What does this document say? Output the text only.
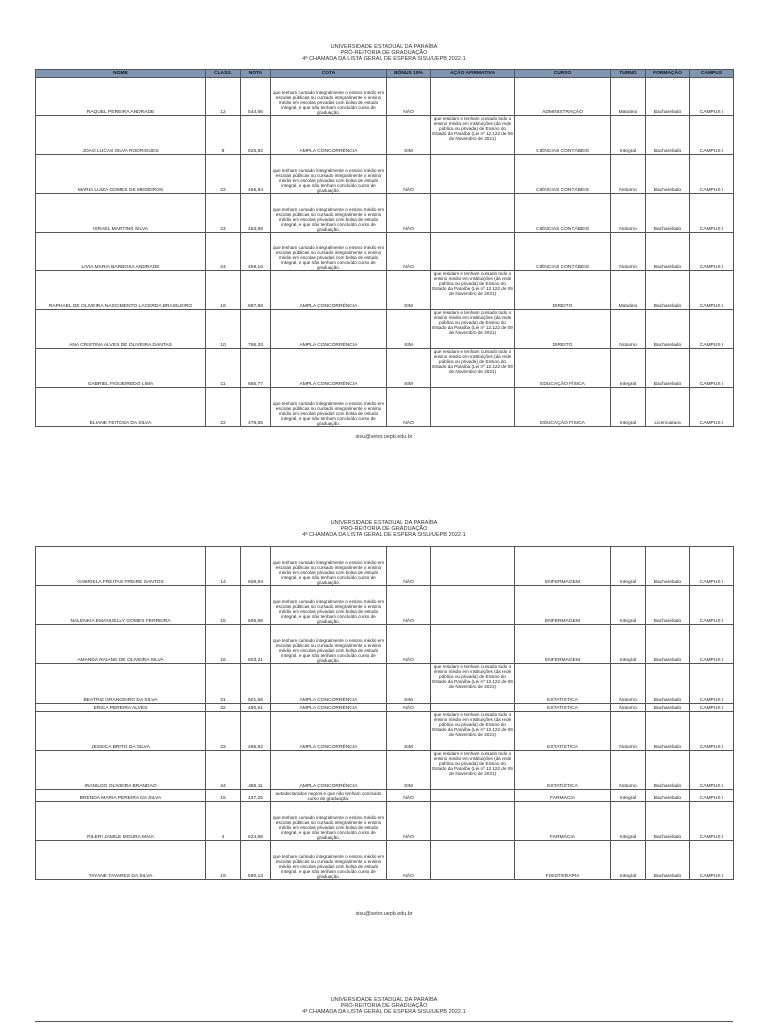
UNIVERSIDADE ESTADUAL DA PARAÍBA
PRÓ-REITORIA DE GRADUAÇÃO
4ª CHAMADA DA LISTA GERAL DE ESPERA SISU/UEPB 2022.1
NOME	CLASS.	NOTA	COTA	BÔNUS 10%	AÇÃO AFIRMATIVA	CURSO	TURNO	FORMAÇÃO	CAMPUS
RAQUEL PEREIRA ANDRADE	12	544,66	que tenham cursado integralmente o ensino médio em escolas públicas ou cursado integralmente o ensino médio em escolas privadas com bolsa de estudo integral, e que não tenham concluído curso de graduação.	NÃO		ADMINISTRAÇÃO	Matutino	Bacharelado	CAMPUS I
JOAO LUCAS SILVA RODRIGUES	8	625,82	AMPLA CONCORRÊNCIA	SIM	que residam e tenham cursado todo o ensino médio em instituições (da rede pública ou privada) de Ensino do Estado da Paraíba (Lei nº 12.122 de 09 de Novembro de 2021)	CIÊNCIAS CONTÁBEIS	Integral	Bacharelado	CAMPUS I
MARIA LUIZA GOMES DE MEDEIROS	22	466,94	que tenham cursado integralmente o ensino médio em escolas públicas ou cursado integralmente o ensino médio em escolas privadas com bolsa de estudo integral, e que não tenham concluído curso de graduação.	NÃO		CIÊNCIAS CONTÁBEIS	Noturno	Bacharelado	CAMPUS I
ISRAEL MARTINS SILVA	23	463,58	que tenham cursado integralmente o ensino médio em escolas públicas ou cursado integralmente o ensino médio em escolas privadas com bolsa de estudo integral, e que não tenham concluído curso de graduação.	NÃO		CIÊNCIAS CONTÁBEIS	Noturno	Bacharelado	CAMPUS I
LIVIA MARIA BARBOSA ANDRADE	24	459,16	que tenham cursado integralmente o ensino médio em escolas públicas ou cursado integralmente o ensino médio em escolas privadas com bolsa de estudo integral, e que não tenham concluído curso de graduação.	NÃO		CIÊNCIAS CONTÁBEIS	Noturno	Bacharelado	CAMPUS I
RAPHAEL DE OLIVEIRA NASCIMENTO LACERDA BRASILEIRO	18	697,88	AMPLA CONCORRÊNCIA	SIM	que residam e tenham cursado todo o ensino médio em instituições (da rede pública ou privada) de Ensino do Estado da Paraíba (Lei nº 12.122 de 09 de Novembro de 2021)	DIREITO	Matutino	Bacharelado	CAMPUS I
ANA CRISTINA ALVES DE OLIVEIRA DANTAS	10	756,33	AMPLA CONCORRÊNCIA	SIM	que residam e tenham cursado todo o ensino médio em instituições (da rede pública ou privada) de Ensino do Estado da Paraíba (Lei nº 12.122 de 09 de Novembro de 2021)	DIREITO	Noturno	Bacharelado	CAMPUS I
GABRIEL FIGUEIREDO LIMA	11	665,77	AMPLA CONCORRÊNCIA	SIM	que residam e tenham cursado todo o ensino médio em instituições (da rede pública ou privada) de Ensino do Estado da Paraíba (Lei nº 12.122 de 09 de Novembro de 2021)	EDUCAÇÃO FÍSICA	Integral	Bacharelado	CAMPUS I
ELIANE FEITOSA DA SILVA	22	479,65	que tenham cursado integralmente o ensino médio em escolas públicas ou cursado integralmente o ensino médio em escolas privadas com bolsa de estudo integral, e que não tenham concluído curso de graduação.	NÃO		EDUCAÇÃO FÍSICA	Integral	Licenciatura	CAMPUS I
sisu@setor.uepb.edu.br
UNIVERSIDADE ESTADUAL DA PARAÍBA
PRÓ-REITORIA DE GRADUAÇÃO
4ª CHAMADA DA LISTA GERAL DE ESPERA SISU/UEPB 2022.1
GABRIELA FREITAS FREIRE SANTOS	14	608,84	que tenham cursado integralmente o ensino médio em escolas públicas ou cursado integralmente o ensino médio em escolas privadas com bolsa de estudo integral, e que não tenham concluído curso de graduação.	NÃO		ENFERMAGEM	Integral	Bacharelado	CAMPUS I
NALENKIA EMANUELLY GOMES FERREIRA	15	606,66	que tenham cursado integralmente o ensino médio em escolas públicas ou cursado integralmente o ensino médio em escolas privadas com bolsa de estudo integral, e que não tenham concluído curso de graduação.	NÃO		ENFERMAGEM	Integral	Bacharelado	CAMPUS I
AMANDA RAIANE DE OLIVEIRA SILVA	16	603,21	que tenham cursado integralmente o ensino médio em escolas públicas ou cursado integralmente o ensino médio em escolas privadas com bolsa de estudo integral, e que não tenham concluído curso de graduação.	NÃO		ENFERMAGEM	Integral	Bacharelado	CAMPUS I
BEATRIZ GRANGEIRO DA SILVA	31	501,66	AMPLA CONCORRÊNCIA	SIM	que residam e tenham cursado todo o ensino médio em instituições (da rede pública ou privada) de Ensino do Estado da Paraíba (Lei nº 12.122 de 09 de Novembro de 2021)	ESTATÍSTICA	Noturno	Bacharelado	CAMPUS I
ERICA PEREIRA ALVES	32	490,51	AMPLA CONCORRÊNCIA	NÃO		ESTATÍSTICA	Noturno	Bacharelado	CAMPUS I
JESSICA BRITO DA SILVA	33	485,92	AMPLA CONCORRÊNCIA	SIM	que residam e tenham cursado todo o ensino médio em instituições (da rede pública ou privada) de Ensino do Estado da Paraíba (Lei nº 12.122 de 09 de Novembro de 2021)	ESTATÍSTICA	Noturno	Bacharelado	CAMPUS I
IRANILDO OLIVEIRA BRANDAO	34	485,11	AMPLA CONCORRÊNCIA	SIM	que residam e tenham cursado todo o ensino médio em instituições (da rede pública ou privada) de Ensino do Estado da Paraíba (Lei nº 12.122 de 09 de Novembro de 2021)	ESTATÍSTICA	Noturno	Bacharelado	CAMPUS I
BRENDA MARIA PEREIRA DA SILVA	15	437,25	autodeclarados negros e que não tenham concluído curso de graduação.	NÃO		FARMÁCIA	Integral	Bacharelado	CAMPUS I
RILERI JAMILE MOURA MAIA	4	624,66	que tenham cursado integralmente o ensino médio em escolas públicas ou cursado integralmente o ensino médio em escolas privadas com bolsa de estudo integral, e que não tenham concluído curso de graduação.	NÃO		FARMÁCIA	Integral	Bacharelado	CAMPUS I
TAYANE TAVARES DA SILVA	19	590,13	que tenham cursado integralmente o ensino médio em escolas públicas ou cursado integralmente o ensino médio em escolas privadas com bolsa de estudo integral, e que não tenham concluído curso de graduação.	NÃO		FISIOTERAPIA	Integral	Bacharelado	CAMPUS I
sisu@setor.uepb.edu.br
UNIVERSIDADE ESTADUAL DA PARAÍBA
PRÓ-REITORIA DE GRADUAÇÃO
4ª CHAMADA DA LISTA GERAL DE ESPERA SISU/UEPB 2022.1
